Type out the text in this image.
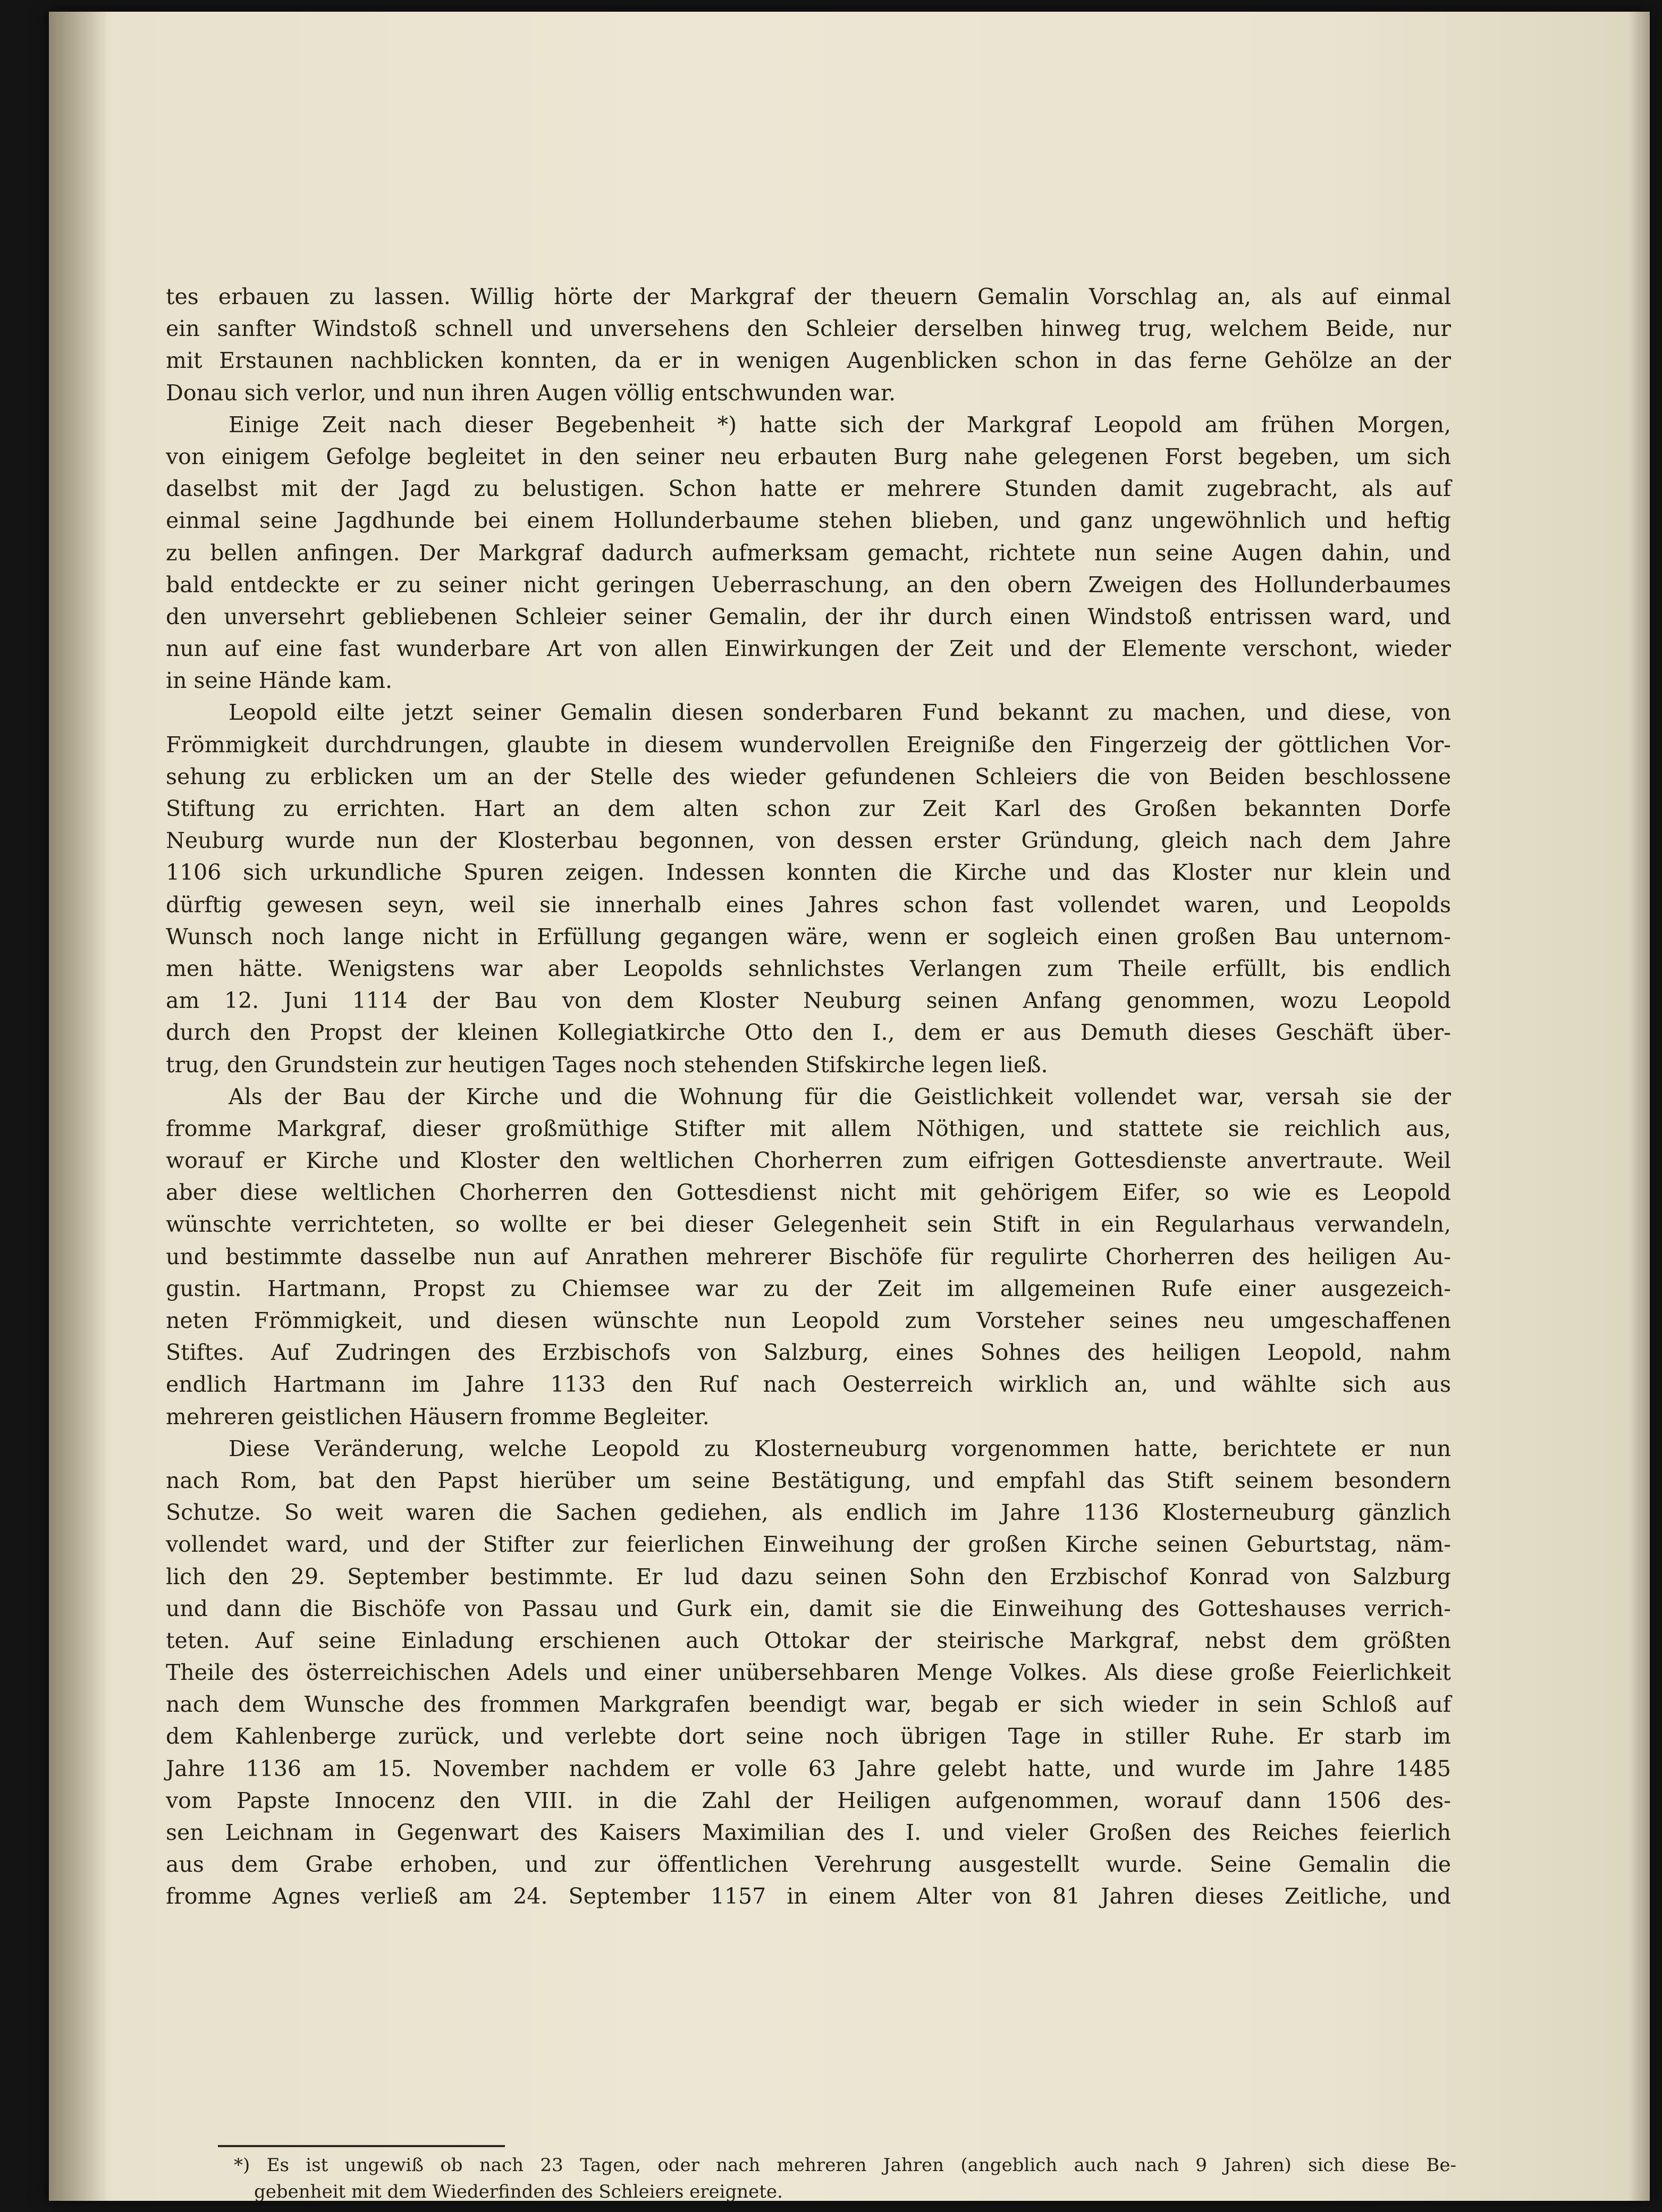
tes erbauen zu lassen. Willig hörte der Markgraf der theuern Gemalin Vorschlag an, als auf einmal
ein sanfter Windstoß schnell und unversehens den Schleier derselben hinweg trug, welchem Beide, nur
mit Erstaunen nachblicken konnten, da er in wenigen Augenblicken schon in das ferne Gehölze an der
Donau sich verlor, und nun ihren Augen völlig entschwunden war.
Einige Zeit nach dieser Begebenheit *) hatte sich der Markgraf Leopold am frühen Morgen,
von einigem Gefolge begleitet in den seiner neu erbauten Burg nahe gelegenen Forst begeben, um sich
daselbst mit der Jagd zu belustigen. Schon hatte er mehrere Stunden damit zugebracht, als auf
einmal seine Jagdhunde bei einem Hollunderbaume stehen blieben, und ganz ungewöhnlich und heftig
zu bellen anfingen. Der Markgraf dadurch aufmerksam gemacht, richtete nun seine Augen dahin, und
bald entdeckte er zu seiner nicht geringen Ueberraschung, an den obern Zweigen des Hollunderbaumes
den unversehrt gebliebenen Schleier seiner Gemalin, der ihr durch einen Windstoß entrissen ward, und
nun auf eine fast wunderbare Art von allen Einwirkungen der Zeit und der Elemente verschont, wieder
in seine Hände kam.
Leopold eilte jetzt seiner Gemalin diesen sonderbaren Fund bekannt zu machen, und diese, von
Frömmigkeit durchdrungen, glaubte in diesem wundervollen Ereigniße den Fingerzeig der göttlichen Vor-
sehung zu erblicken um an der Stelle des wieder gefundenen Schleiers die von Beiden beschlossene
Stiftung zu errichten. Hart an dem alten schon zur Zeit Karl des Großen bekannten Dorfe
Neuburg wurde nun der Klosterbau begonnen, von dessen erster Gründung, gleich nach dem Jahre
1106 sich urkundliche Spuren zeigen. Indessen konnten die Kirche und das Kloster nur klein und
dürftig gewesen seyn, weil sie innerhalb eines Jahres schon fast vollendet waren, und Leopolds
Wunsch noch lange nicht in Erfüllung gegangen wäre, wenn er sogleich einen großen Bau unternom-
men hätte. Wenigstens war aber Leopolds sehnlichstes Verlangen zum Theile erfüllt, bis endlich
am 12. Juni 1114 der Bau von dem Kloster Neuburg seinen Anfang genommen, wozu Leopold
durch den Propst der kleinen Kollegiatkirche Otto den I., dem er aus Demuth dieses Geschäft über-
trug, den Grundstein zur heutigen Tages noch stehenden Stifskirche legen ließ.
Als der Bau der Kirche und die Wohnung für die Geistlichkeit vollendet war, versah sie der
fromme Markgraf, dieser großmüthige Stifter mit allem Nöthigen, und stattete sie reichlich aus,
worauf er Kirche und Kloster den weltlichen Chorherren zum eifrigen Gottesdienste anvertraute. Weil
aber diese weltlichen Chorherren den Gottesdienst nicht mit gehörigem Eifer, so wie es Leopold
wünschte verrichteten, so wollte er bei dieser Gelegenheit sein Stift in ein Regularhaus verwandeln,
und bestimmte dasselbe nun auf Anrathen mehrerer Bischöfe für regulirte Chorherren des heiligen Au-
gustin. Hartmann, Propst zu Chiemsee war zu der Zeit im allgemeinen Rufe einer ausgezeich-
neten Frömmigkeit, und diesen wünschte nun Leopold zum Vorsteher seines neu umgeschaffenen
Stiftes. Auf Zudringen des Erzbischofs von Salzburg, eines Sohnes des heiligen Leopold, nahm
endlich Hartmann im Jahre 1133 den Ruf nach Oesterreich wirklich an, und wählte sich aus
mehreren geistlichen Häusern fromme Begleiter.
Diese Veränderung, welche Leopold zu Klosterneuburg vorgenommen hatte, berichtete er nun
nach Rom, bat den Papst hierüber um seine Bestätigung, und empfahl das Stift seinem besondern
Schutze. So weit waren die Sachen gediehen, als endlich im Jahre 1136 Klosterneuburg gänzlich
vollendet ward, und der Stifter zur feierlichen Einweihung der großen Kirche seinen Geburtstag, näm-
lich den 29. September bestimmte. Er lud dazu seinen Sohn den Erzbischof Konrad von Salzburg
und dann die Bischöfe von Passau und Gurk ein, damit sie die Einweihung des Gotteshauses verrich-
teten. Auf seine Einladung erschienen auch Ottokar der steirische Markgraf, nebst dem größten
Theile des österreichischen Adels und einer unübersehbaren Menge Volkes. Als diese große Feierlichkeit
nach dem Wunsche des frommen Markgrafen beendigt war, begab er sich wieder in sein Schloß auf
dem Kahlenberge zurück, und verlebte dort seine noch übrigen Tage in stiller Ruhe. Er starb im
Jahre 1136 am 15. November nachdem er volle 63 Jahre gelebt hatte, und wurde im Jahre 1485
vom Papste Innocenz den VIII. in die Zahl der Heiligen aufgenommen, worauf dann 1506 des-
sen Leichnam in Gegenwart des Kaisers Maximilian des I. und vieler Großen des Reiches feierlich
aus dem Grabe erhoben, und zur öffentlichen Verehrung ausgestellt wurde. Seine Gemalin die
fromme Agnes verließ am 24. September 1157 in einem Alter von 81 Jahren dieses Zeitliche, und
*) Es ist ungewiß ob nach 23 Tagen, oder nach mehreren Jahren (angeblich auch nach 9 Jahren) sich diese Be-
gebenheit mit dem Wiederfinden des Schleiers ereignete.
